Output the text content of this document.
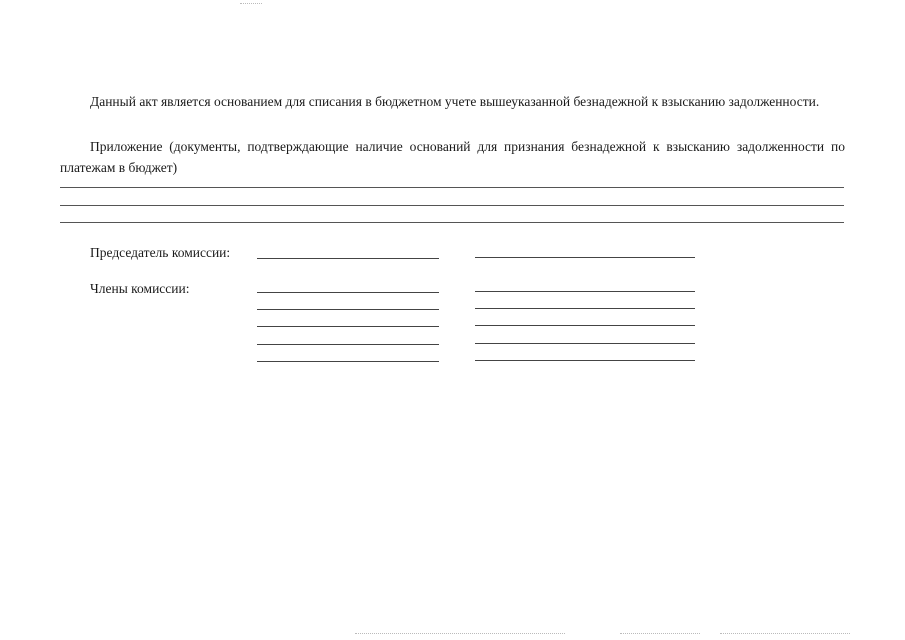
Данный акт является основанием для списания в бюджетном учете вышеуказанной безнадежной к взысканию задолженности.

Приложение (документы, подтверждающие наличие оснований для признания безнадежной к взысканию задолженности по платежам в бюджет)

Председатель комиссии:

Члены комиссии:
